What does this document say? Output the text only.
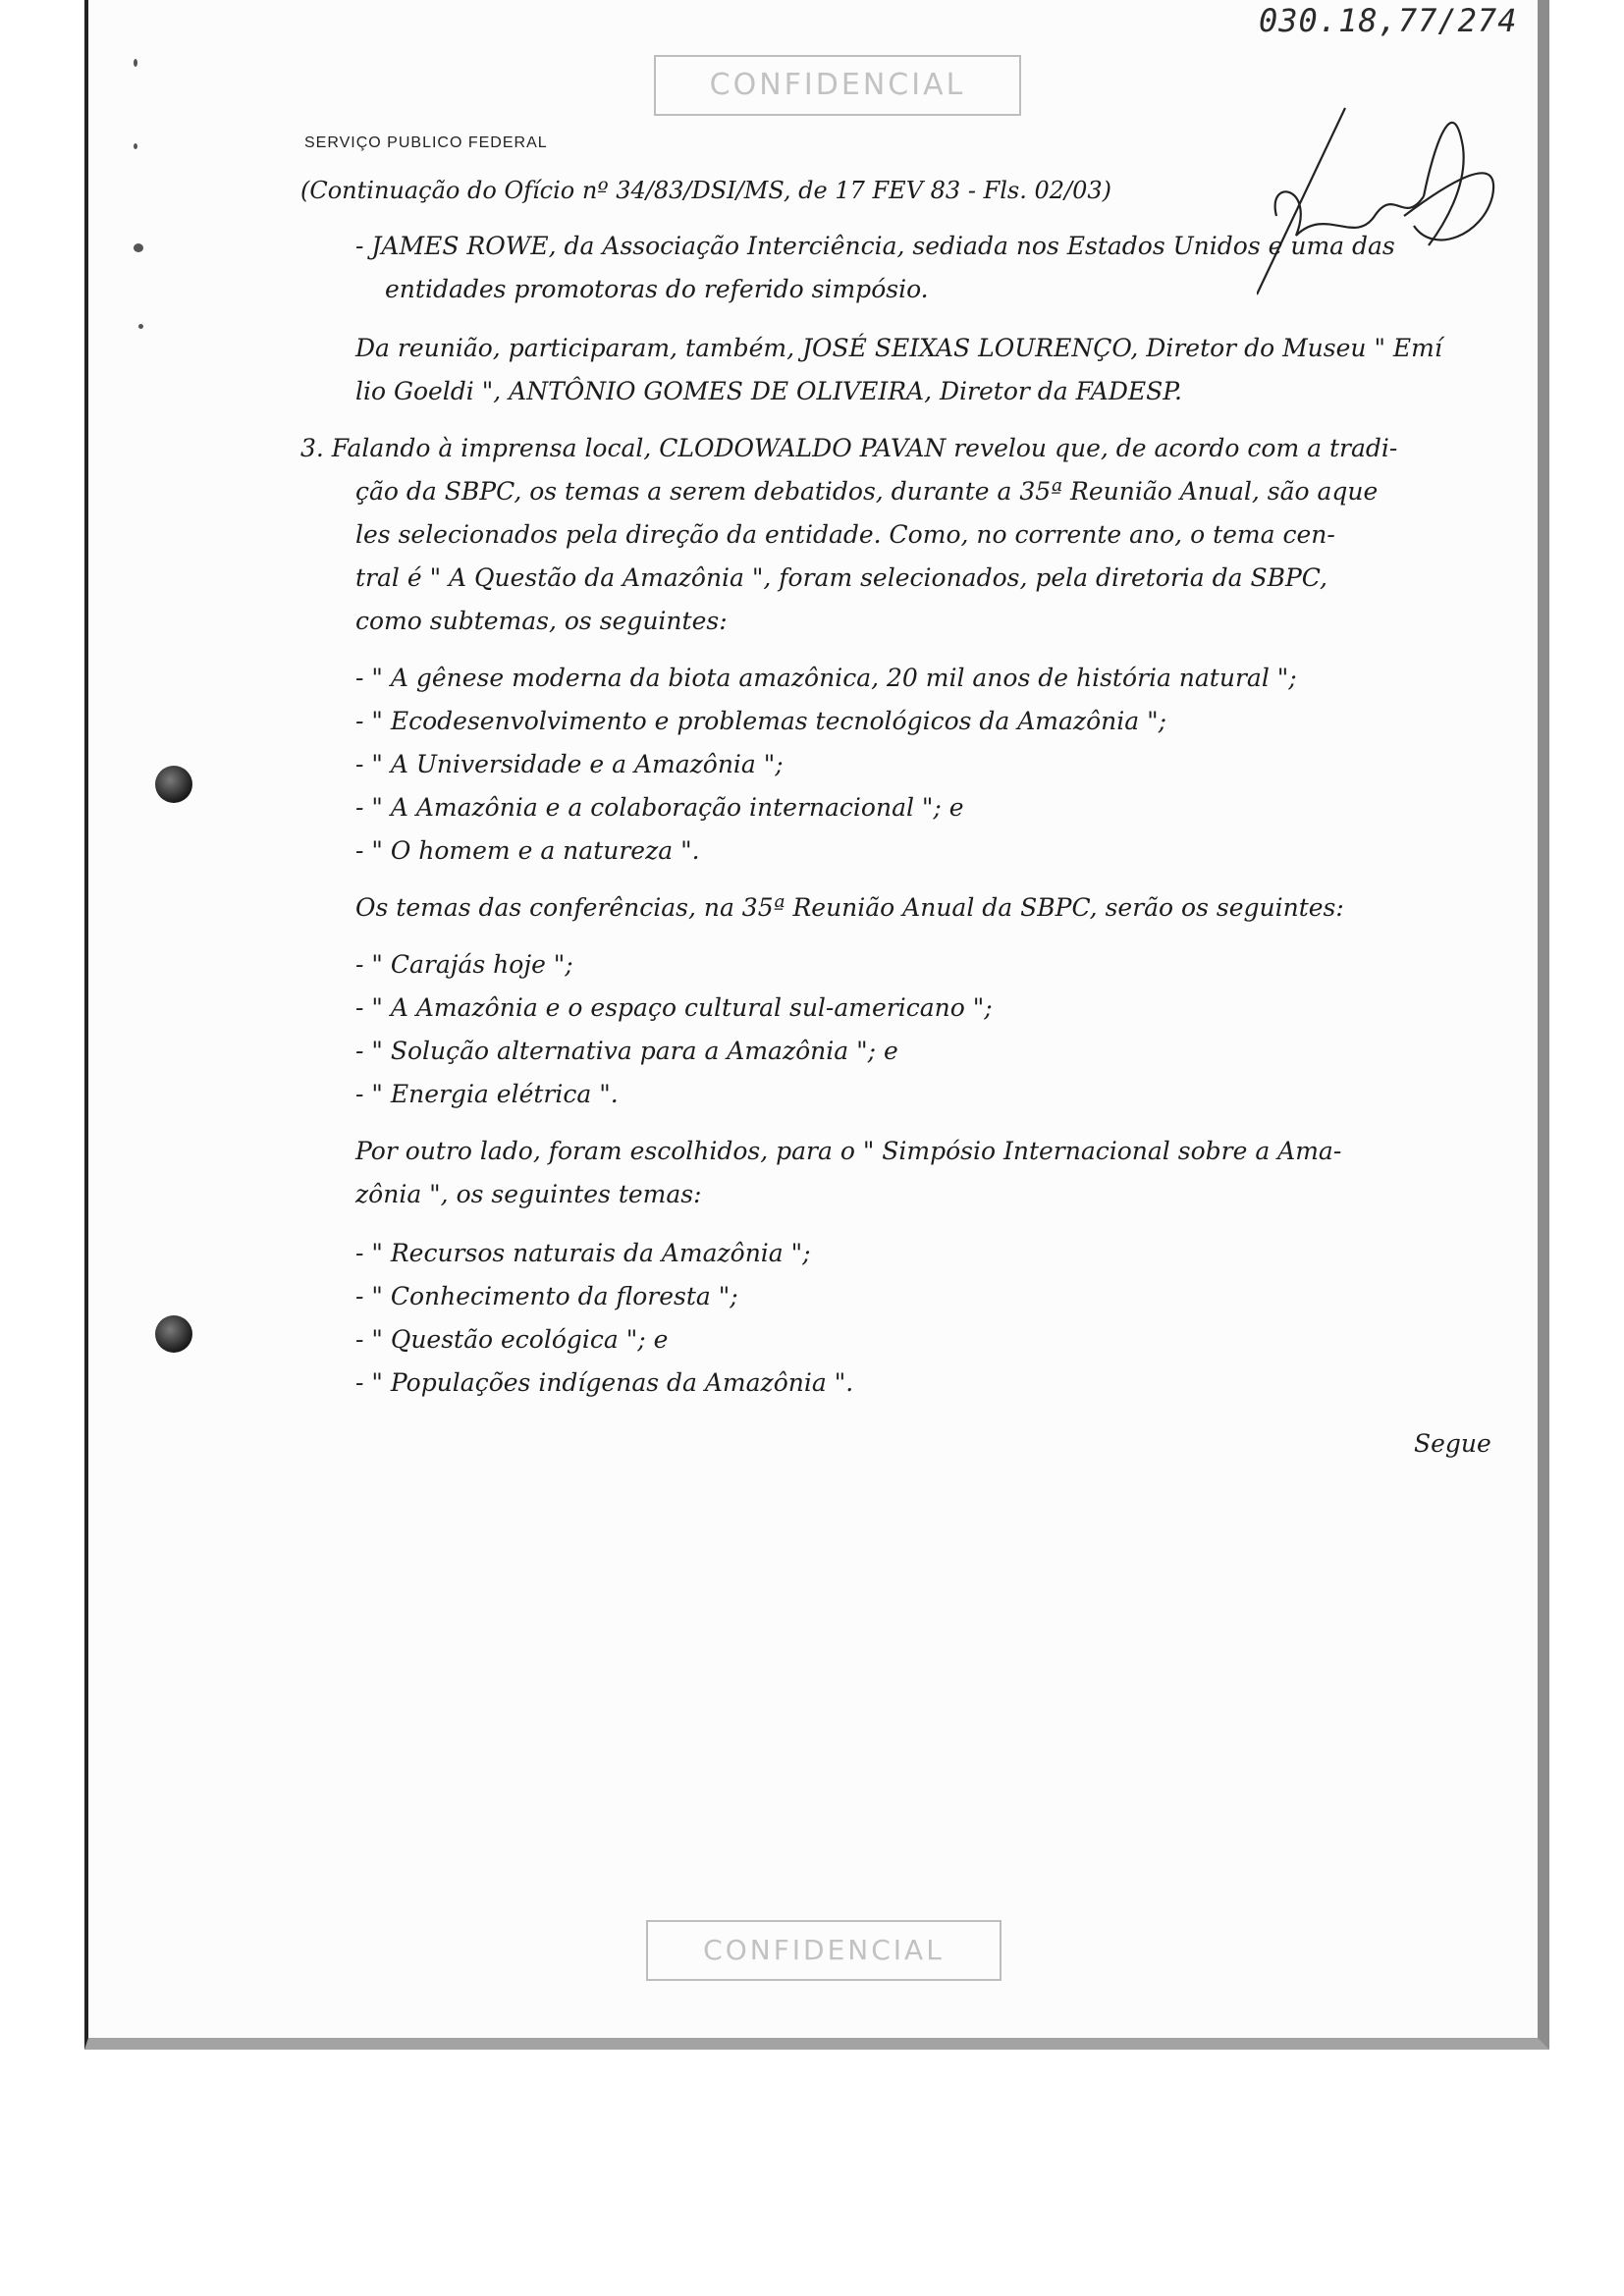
030.18,77/274
CONFIDENCIAL
CONFIDENCIAL
SERVIÇO PUBLICO FEDERAL
(Continuação do Ofício nº 34/83/DSI/MS, de 17 FEV 83 - Fls. 02/03)
- JAMES ROWE, da Associação Interciência, sediada nos Estados Unidos e uma das
entidades promotoras do referido simpósio.
Da reunião, participaram, também, JOSÉ SEIXAS LOURENÇO, Diretor do Museu " Emí
lio Goeldi ", ANTÔNIO GOMES DE OLIVEIRA, Diretor da FADESP.
3. Falando à imprensa local, CLODOWALDO PAVAN revelou que, de acordo com a tradi-
ção da SBPC, os temas a serem debatidos, durante a 35ª Reunião Anual, são aque
les selecionados pela direção da entidade. Como, no corrente ano, o tema cen-
tral é " A Questão da Amazônia ", foram selecionados, pela diretoria da SBPC,
como subtemas, os seguintes:
- " A gênese moderna da biota amazônica, 20 mil anos de história natural ";
- " Ecodesenvolvimento e problemas tecnológicos da Amazônia ";
- " A Universidade e a Amazônia ";
- " A Amazônia e a colaboração internacional "; e
- " O homem e a natureza ".
Os temas das conferências, na 35ª Reunião Anual da SBPC, serão os seguintes:
- " Carajás hoje ";
- " A Amazônia e o espaço cultural sul-americano ";
- " Solução alternativa para a Amazônia "; e
- " Energia elétrica ".
Por outro lado, foram escolhidos, para o " Simpósio Internacional sobre a Ama-
zônia ", os seguintes temas:
- " Recursos naturais da Amazônia ";
- " Conhecimento da floresta ";
- " Questão ecológica "; e
- " Populações indígenas da Amazônia ".
Segue
